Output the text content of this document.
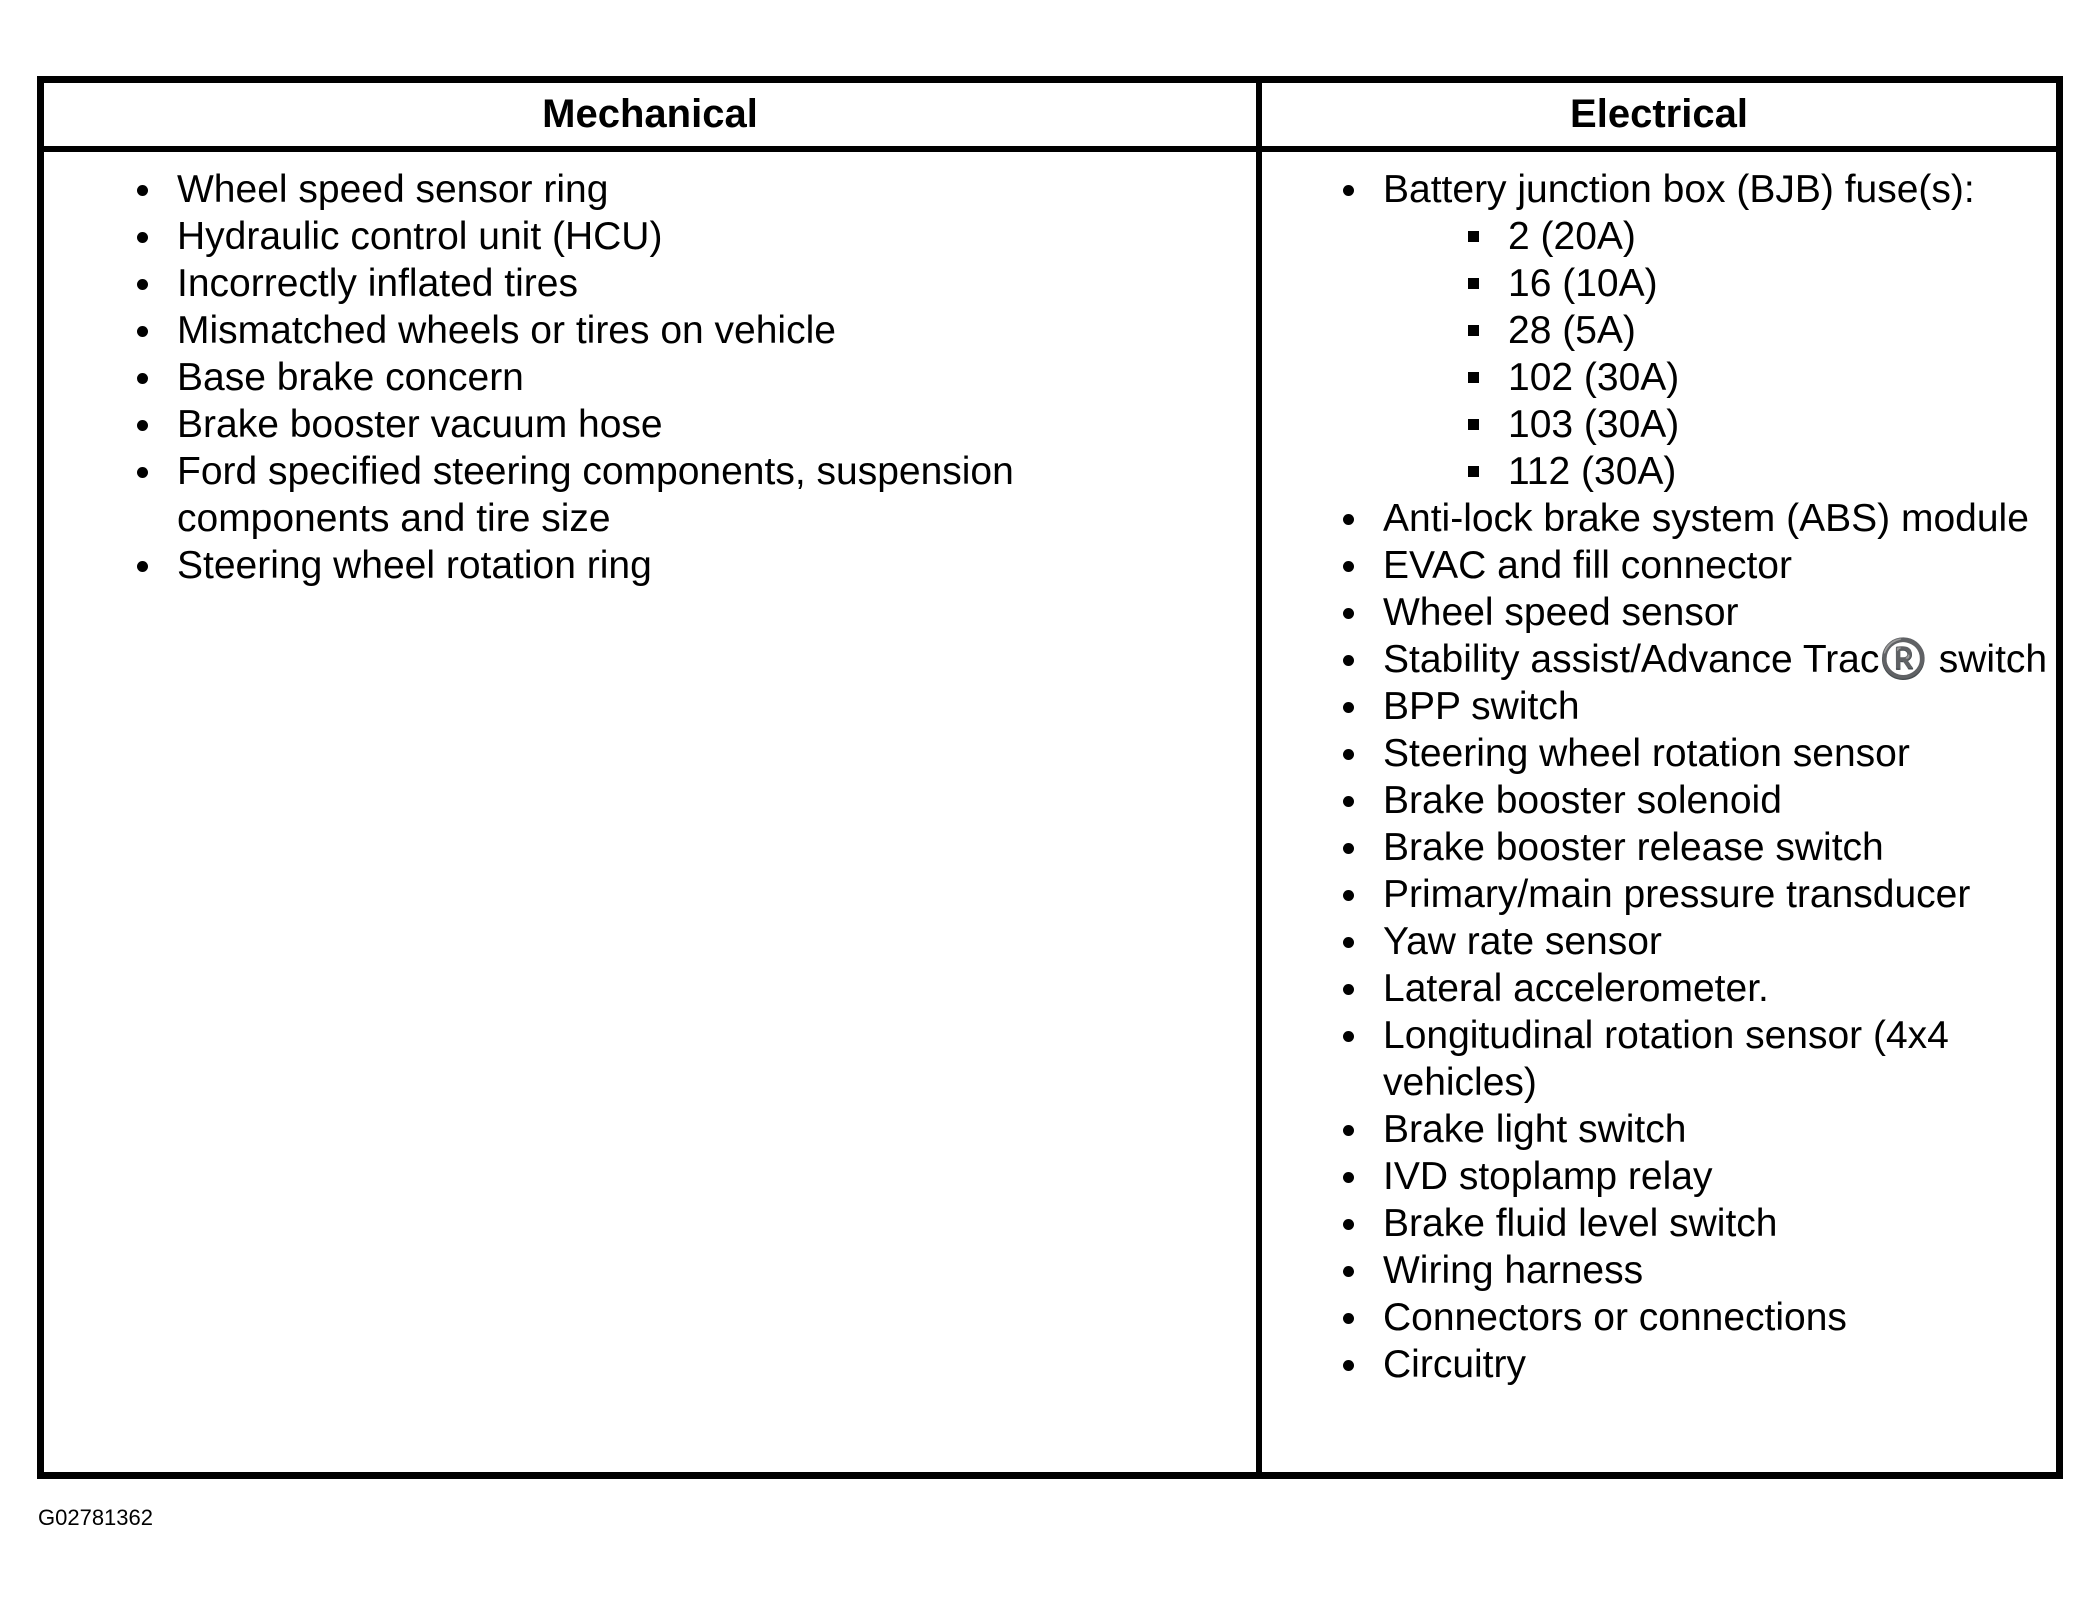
Mechanical	Electrical
Wheel speed sensor ring
Hydraulic control unit (HCU)
Incorrectly inflated tires
Mismatched wheels or tires on vehicle
Base brake concern
Brake booster vacuum hose
Ford specified steering components, suspension components and tire size
Steering wheel rotation ring
Battery junction box (BJB) fuse(s):
2 (20A)
16 (10A)
28 (5A)
102 (30A)
103 (30A)
112 (30A)
Anti-lock brake system (ABS) module
EVAC and fill connector
Wheel speed sensor
Stability assist/Advance Trac®️ switch
BPP switch
Steering wheel rotation sensor
Brake booster solenoid
Brake booster release switch
Primary/main pressure transducer
Yaw rate sensor
Lateral accelerometer.
Longitudinal rotation sensor (4x4 vehicles)
Brake light switch
IVD stoplamp relay
Brake fluid level switch
Wiring harness
Connectors or connections
Circuitry
G02781362
